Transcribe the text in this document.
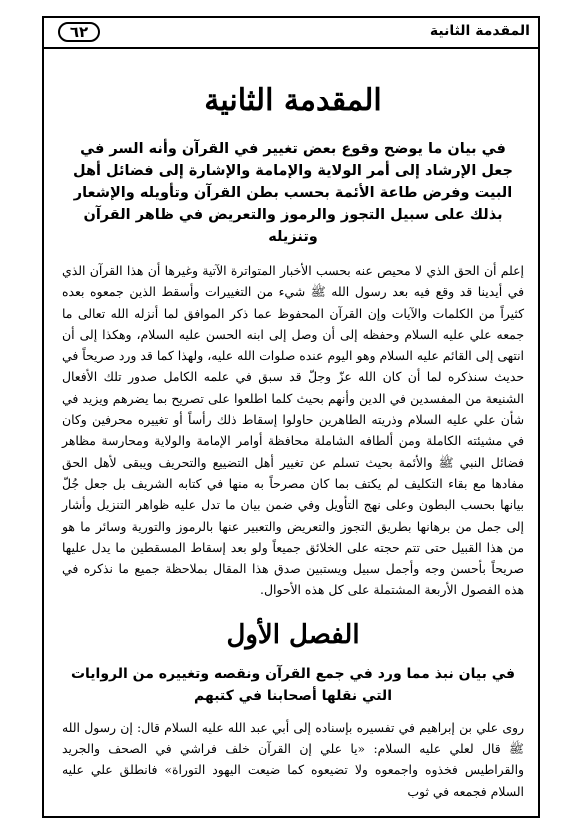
٦٢	المقدمة الثانية
المقدمة الثانية
في بيان ما يوضح وقوع بعض تغيير في القرآن وأنه السر في جعل الإرشاد إلى أمر الولاية والإمامة والإشارة إلى فضائل أهل البيت وفرض طاعة الأئمة بحسب بطن القرآن وتأويله والإشعار بذلك على سبيل التجوز والرموز والتعريض في ظاهر القرآن وتنزيله

إعلم أن الحق الذي لا محيص عنه بحسب الأخبار المتواترة الآتية وغيرها أن هذا القرآن الذي في أيدينا قد وقع فيه بعد رسول الله ﷺ شيء من التغييرات وأسقط الذين جمعوه بعده كثيراً من الكلمات والآيات وإن القرآن المحفوظ عما ذكر الموافق لما أنزله الله تعالى ما جمعه علي عليه السلام وحفظه إلى أن وصل إلى ابنه الحسن عليه السلام، وهكذا إلى أن انتهى إلى القائم عليه السلام وهو اليوم عنده صلوات الله عليه، ولهذا كما قد ورد صريحاً في حديث سنذكره لما أن كان الله عزّ وجلّ قد سبق في علمه الكامل صدور تلك الأفعال الشنيعة من المفسدين في الدين وأنهم بحيث كلما اطلعوا على تصريح بما يضرهم ويزيد في شأن علي عليه السلام وذريته الطاهرين حاولوا إسقاط ذلك رأساً أو تغييره محرفين وكان في مشيئته الكاملة ومن ألطافه الشاملة محافظة أوامر الإمامة والولاية ومحارسة مظاهر فضائل النبي ﷺ والأئمة بحيث تسلم عن تغيير أهل التضييع والتحريف ويبقى لأهل الحق مفادها مع بقاء التكليف لم يكتف بما كان مصرحاً به منها في كتابه الشريف بل جعل جُلّ بيانها بحسب البطون وعلى نهج التأويل وفي ضمن بيان ما تدل عليه ظواهر التنزيل وأشار إلى جمل من برهانها بطريق التجوز والتعريض والتعبير عنها بالرموز والتورية وسائر ما هو من هذا القبيل حتى تتم حجته على الخلائق جميعاً ولو بعد إسقاط المسقطين ما يدل عليها صريحاً بأحسن وجه وأجمل سبيل ويستبين صدق هذا المقال بملاحظة جميع ما نذكره في هذه الفصول الأربعة المشتملة على كل هذه الأحوال.

الفصل الأول
في بيان نبذ مما ورد في جمع القرآن ونقصه وتغييره من الروايات التي نقلها أصحابنا في كتبهم

روى علي بن إبراهيم في تفسيره بإسناده إلى أبي عبد الله عليه السلام قال: إن رسول الله ﷺ قال لعلي عليه السلام: «يا علي إن القرآن خلف فراشي في الصحف والجريد والقراطيس فخذوه واجمعوه ولا تضيعوه كما ضيعت اليهود التوراة» فانطلق علي عليه السلام فجمعه في ثوب
